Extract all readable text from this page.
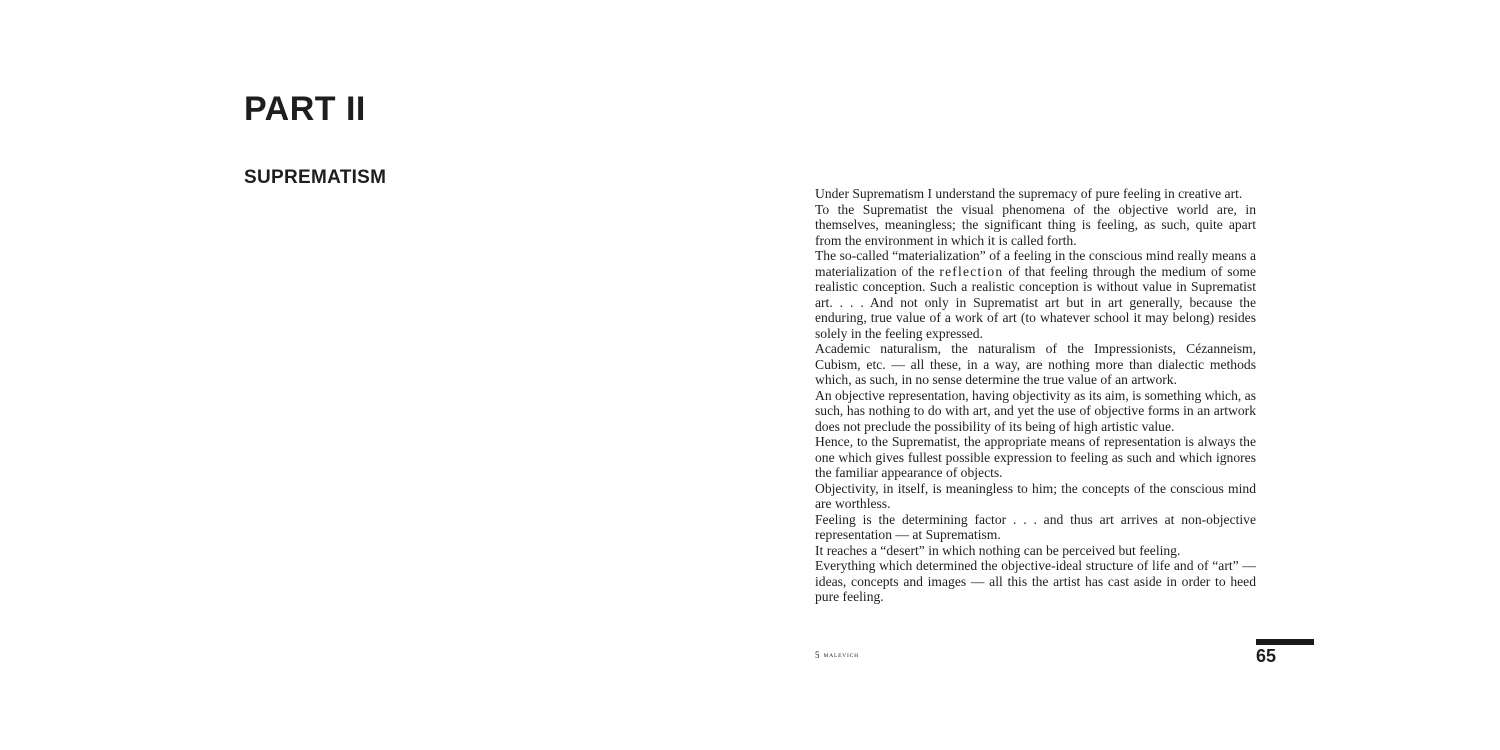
PART II
SUPREMATISM

Under Suprematism I understand the supremacy of pure feeling in creative art.

To the Suprematist the visual phenomena of the objective world are, in themselves, meaningless; the significant thing is feeling, as such, quite apart from the environment in which it is called forth.

The so-called “materialization” of a feeling in the conscious mind really means a materialization of the reflection of that feeling through the medium of some realistic conception. Such a realistic conception is without value in Suprematist art. . . . And not only in Suprematist art but in art generally, because the enduring, true value of a work of art (to whatever school it may belong) resides solely in the feeling expressed.

Academic naturalism, the naturalism of the Impressionists, Cézanneism, Cubism, etc. — all these, in a way, are nothing more than dialectic methods which, as such, in no sense determine the true value of an artwork.

An objective representation, having objectivity as its aim, is something which, as such, has nothing to do with art, and yet the use of objective forms in an artwork does not preclude the possibility of its being of high artistic value.

Hence, to the Suprematist, the appropriate means of representation is always the one which gives fullest possible expression to feeling as such and which ignores the familiar appearance of objects.

Objectivity, in itself, is meaningless to him; the concepts of the conscious mind are worthless.

Feeling is the determining factor . . . and thus art arrives at non-objective representation — at Suprematism.

It reaches a “desert” in which nothing can be perceived but feeling.

Everything which determined the objective-ideal structure of life and of “art” — ideas, concepts and images — all this the artist has cast aside in order to heed pure feeling.

5 MALEVICH	65
